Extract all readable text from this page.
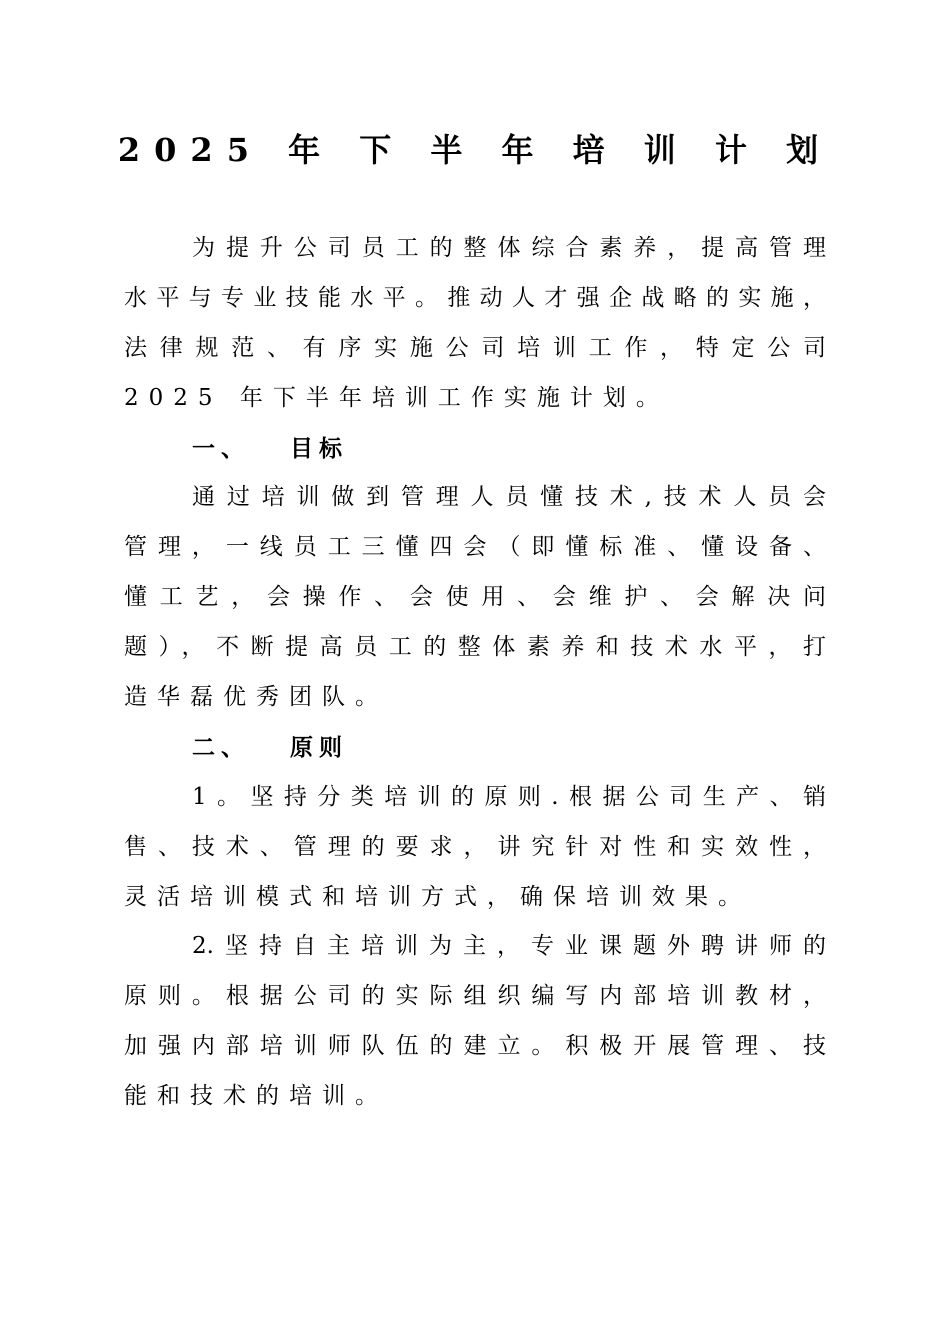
2025 年 下 半 年 培 训 计 划
为提升公司员工的整体综合素养，提高管理
水平与专业技能水平。推动人才强企战略的实施，
法律规范、有序实施公司培训工作，特定公司
2025 年下半年培训工作实施计划。
一、 目标
通过培训做到管理人员懂技术,技术人员会
管理，一线员工三懂四会（即懂标准、懂设备、
懂工艺，会操作、会使用、会维护、会解决问
题），不断提高员工的整体素养和技术水平，打
造华磊优秀团队。
二、 原则
1。坚持分类培训的原则.根据公司生产、销
售、技术、管理的要求，讲究针对性和实效性，
灵活培训模式和培训方式，确保培训效果。
2.坚持自主培训为主，专业课题外聘讲师的
原则。根据公司的实际组织编写内部培训教材，
加强内部培训师队伍的建立。积极开展管理、技
能和技术的培训。
